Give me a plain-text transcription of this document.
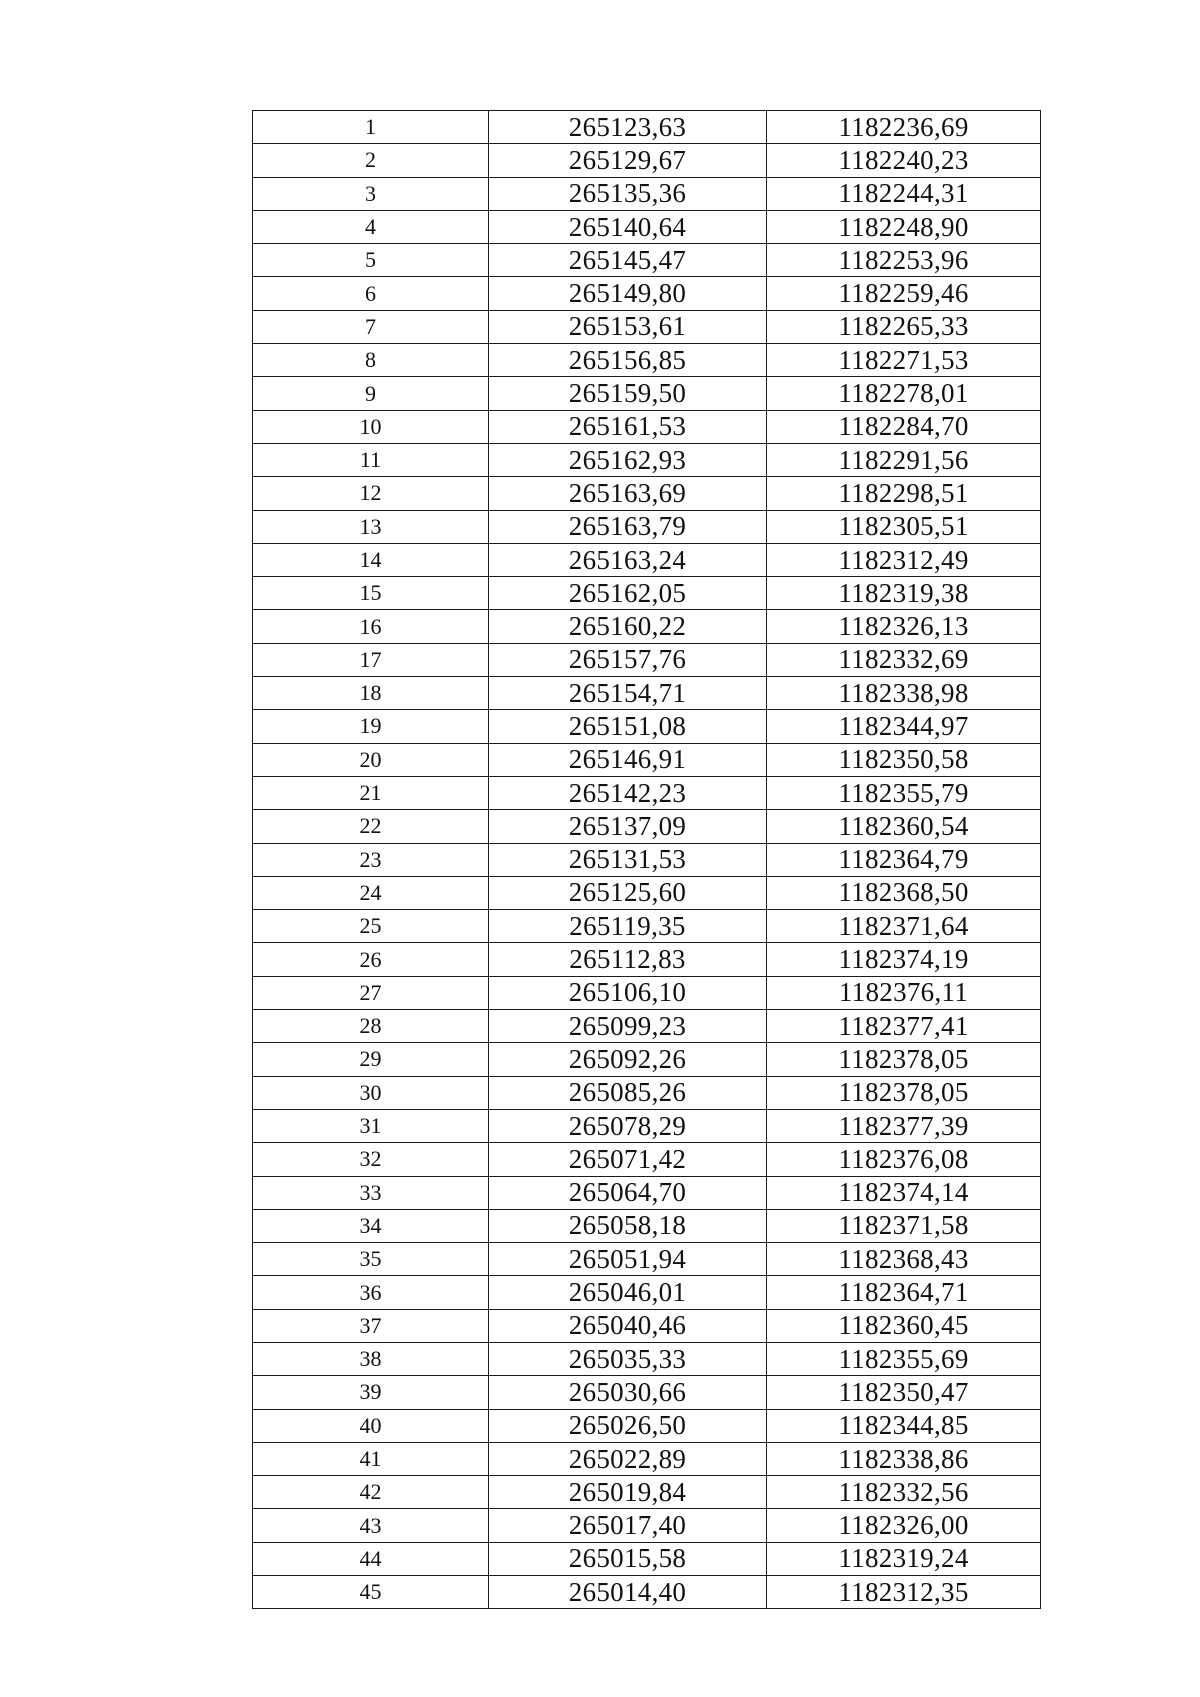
1	265123,63	1182236,69
2	265129,67	1182240,23
3	265135,36	1182244,31
4	265140,64	1182248,90
5	265145,47	1182253,96
6	265149,80	1182259,46
7	265153,61	1182265,33
8	265156,85	1182271,53
9	265159,50	1182278,01
10	265161,53	1182284,70
11	265162,93	1182291,56
12	265163,69	1182298,51
13	265163,79	1182305,51
14	265163,24	1182312,49
15	265162,05	1182319,38
16	265160,22	1182326,13
17	265157,76	1182332,69
18	265154,71	1182338,98
19	265151,08	1182344,97
20	265146,91	1182350,58
21	265142,23	1182355,79
22	265137,09	1182360,54
23	265131,53	1182364,79
24	265125,60	1182368,50
25	265119,35	1182371,64
26	265112,83	1182374,19
27	265106,10	1182376,11
28	265099,23	1182377,41
29	265092,26	1182378,05
30	265085,26	1182378,05
31	265078,29	1182377,39
32	265071,42	1182376,08
33	265064,70	1182374,14
34	265058,18	1182371,58
35	265051,94	1182368,43
36	265046,01	1182364,71
37	265040,46	1182360,45
38	265035,33	1182355,69
39	265030,66	1182350,47
40	265026,50	1182344,85
41	265022,89	1182338,86
42	265019,84	1182332,56
43	265017,40	1182326,00
44	265015,58	1182319,24
45	265014,40	1182312,35
